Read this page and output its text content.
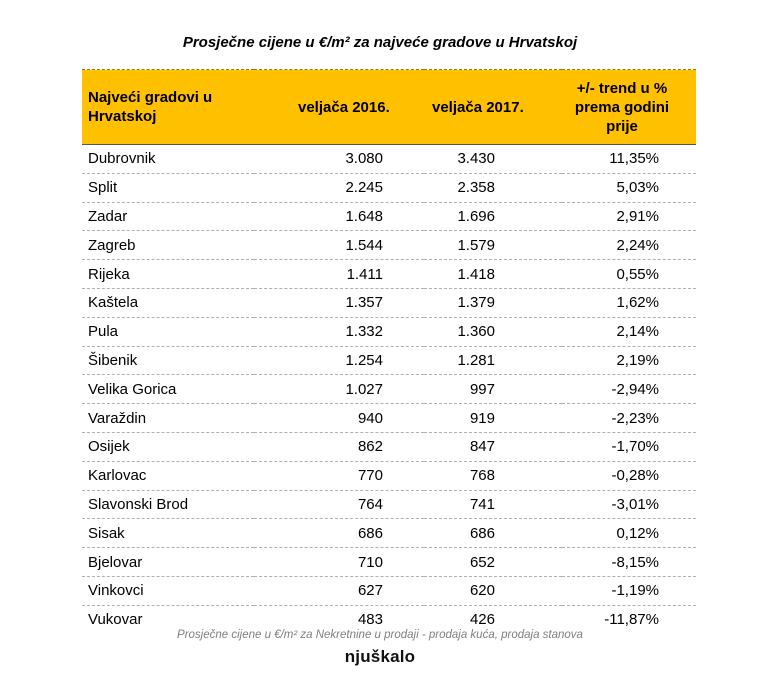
Prosječne cijene u €/m² za najveće gradove u Hrvatskoj
Najveći gradovi u Hrvatskoj	veljača 2016.	veljača 2017.	+/- trend u % prema godini prije
Dubrovnik	3.080	3.430	11,35%
Split	2.245	2.358	5,03%
Zadar	1.648	1.696	2,91%
Zagreb	1.544	1.579	2,24%
Rijeka	1.411	1.418	0,55%
Kaštela	1.357	1.379	1,62%
Pula	1.332	1.360	2,14%
Šibenik	1.254	1.281	2,19%
Velika Gorica	1.027	997	-2,94%
Varaždin	940	919	-2,23%
Osijek	862	847	-1,70%
Karlovac	770	768	-0,28%
Slavonski Brod	764	741	-3,01%
Sisak	686	686	0,12%
Bjelovar	710	652	-8,15%
Vinkovci	627	620	-1,19%
Vukovar	483	426	-11,87%
Prosječne cijene u €/m² za Nekretnine u prodaji - prodaja kuća, prodaja stanova
njuškalo
